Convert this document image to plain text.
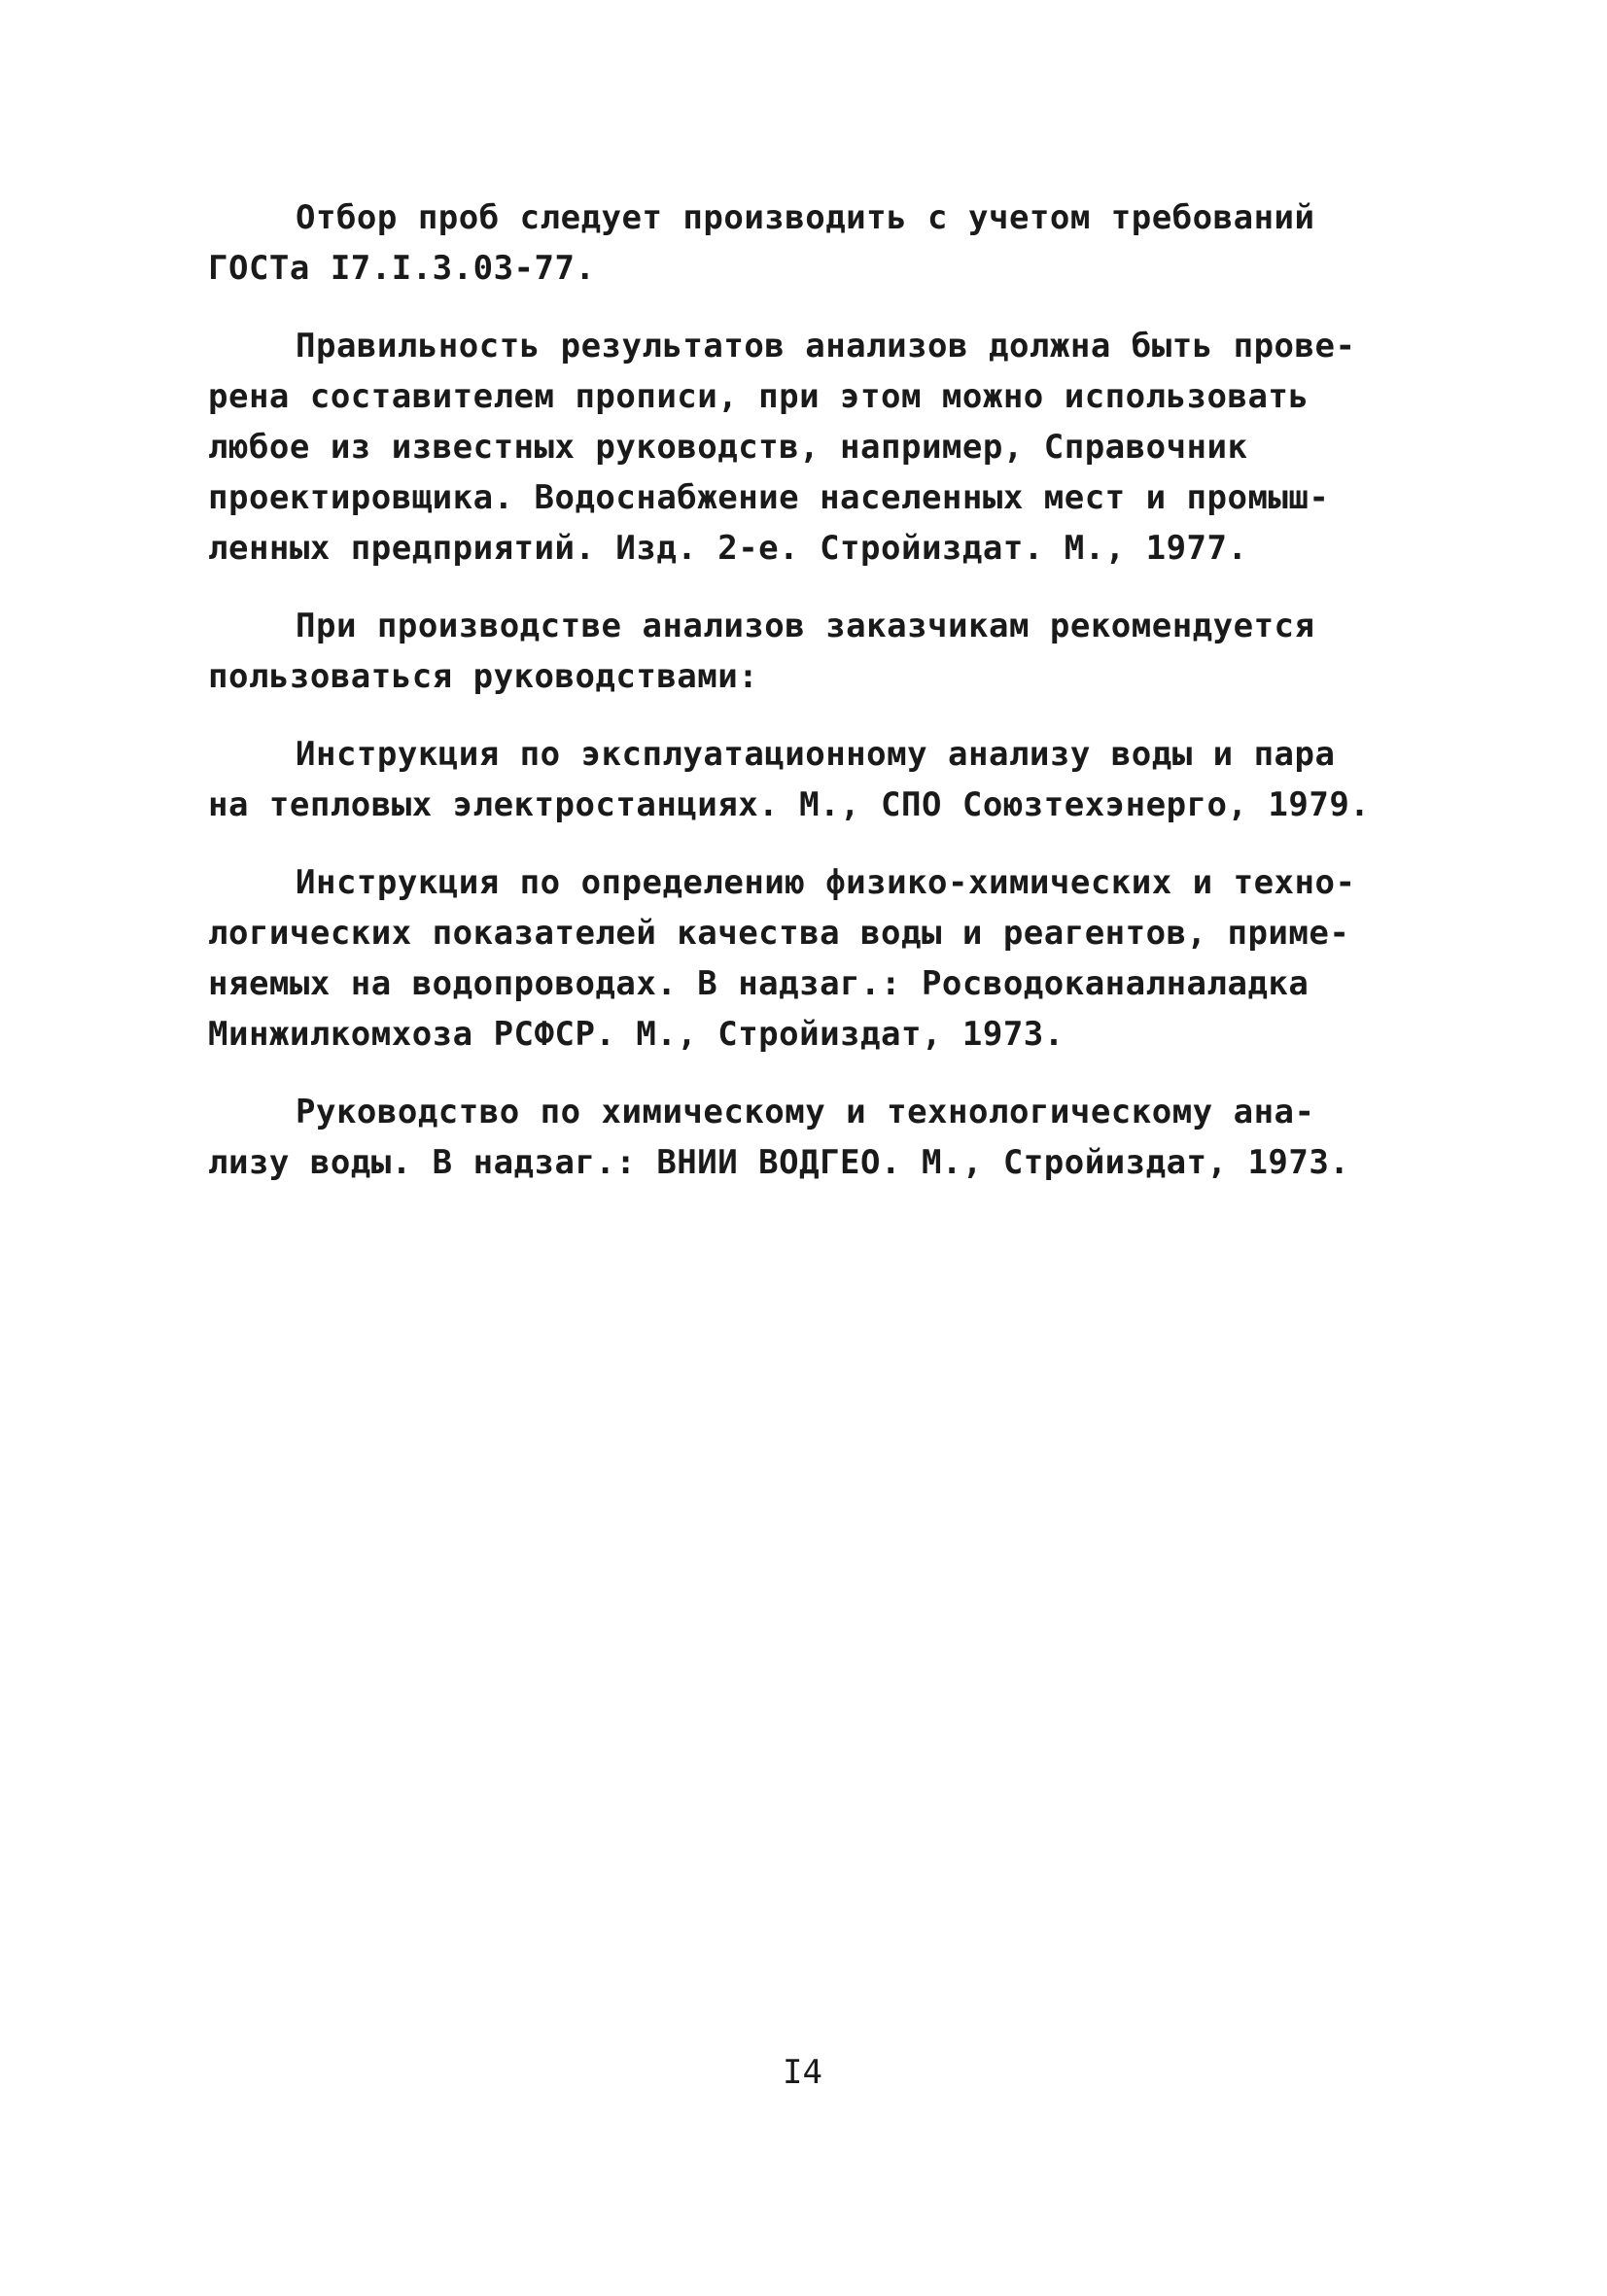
Отбор проб следует производить с учетом требований
ГОСТа I7.I.3.03-77.
Правильность результатов анализов должна быть прове-
рена составителем прописи, при этом можно использовать
любое из известных руководств, например, Справочник
проектировщика. Водоснабжение населенных мест и промыш-
ленных предприятий. Изд. 2-е. Стройиздат. М., 1977.
При производстве анализов заказчикам рекомендуется
пользоваться руководствами:
Инструкция по эксплуатационному анализу воды и пара
на тепловых электростанциях. М., СПО Союзтехэнерго, 1979.
Инструкция по определению физико-химических и техно-
логических показателей качества воды и реагентов, приме-
няемых на водопроводах. В надзаг.: Росводоканалналадка
Минжилкомхоза РСФСР. М., Стройиздат, 1973.
Руководство по химическому и технологическому ана-
лизу воды. В надзаг.: ВНИИ ВОДГЕО. М., Стройиздат, 1973.
I4
